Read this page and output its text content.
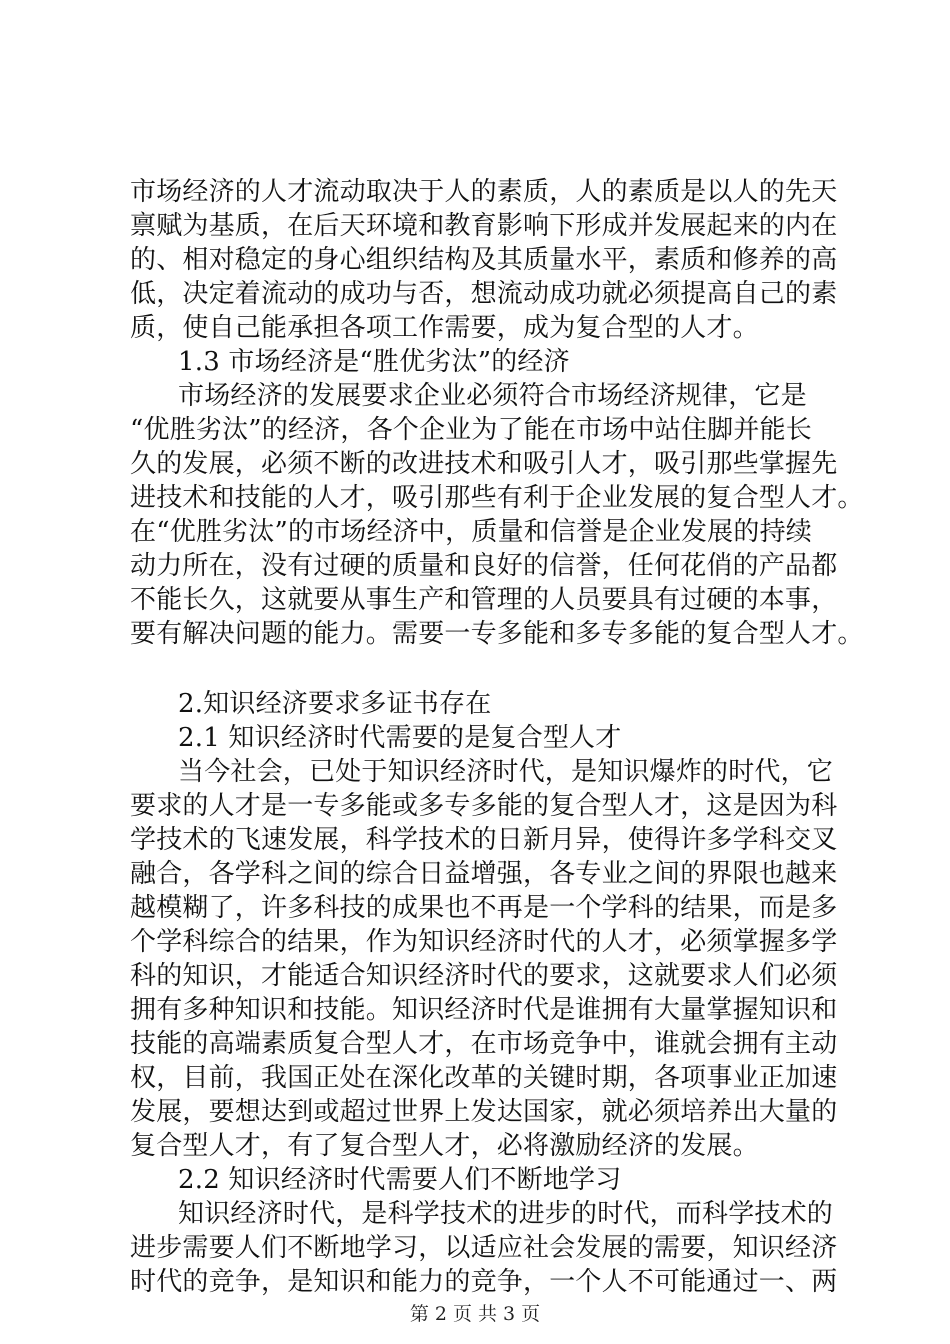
市场经济的人才流动取决于人的素质，人的素质是以人的先天
禀赋为基质，在后天环境和教育影响下形成并发展起来的内在
的、相对稳定的身心组织结构及其质量水平，素质和修养的高
低，决定着流动的成功与否，想流动成功就必须提高自己的素
质，使自己能承担各项工作需要，成为复合型的人才。
1.3 市场经济是“胜优劣汰”的经济
市场经济的发展要求企业必须符合市场经济规律，它是
“优胜劣汰”的经济，各个企业为了能在市场中站住脚并能长
久的发展，必须不断的改进技术和吸引人才，吸引那些掌握先
进技术和技能的人才，吸引那些有利于企业发展的复合型人才。
在“优胜劣汰”的市场经济中，质量和信誉是企业发展的持续
动力所在，没有过硬的质量和良好的信誉，任何花俏的产品都
不能长久，这就要从事生产和管理的人员要具有过硬的本事，
要有解决问题的能力。需要一专多能和多专多能的复合型人才。
2.知识经济要求多证书存在
2.1 知识经济时代需要的是复合型人才
当今社会，已处于知识经济时代，是知识爆炸的时代，它
要求的人才是一专多能或多专多能的复合型人才，这是因为科
学技术的飞速发展，科学技术的日新月异，使得许多学科交叉
融合，各学科之间的综合日益增强，各专业之间的界限也越来
越模糊了，许多科技的成果也不再是一个学科的结果，而是多
个学科综合的结果，作为知识经济时代的人才，必须掌握多学
科的知识，才能适合知识经济时代的要求，这就要求人们必须
拥有多种知识和技能。知识经济时代是谁拥有大量掌握知识和
技能的高端素质复合型人才，在市场竞争中，谁就会拥有主动
权，目前，我国正处在深化改革的关键时期，各项事业正加速
发展，要想达到或超过世界上发达国家，就必须培养出大量的
复合型人才，有了复合型人才，必将激励经济的发展。
2.2 知识经济时代需要人们不断地学习
知识经济时代，是科学技术的进步的时代，而科学技术的
进步需要人们不断地学习，以适应社会发展的需要，知识经济
时代的竞争，是知识和能力的竞争，一个人不可能通过一、两
第 2 页 共 3 页
